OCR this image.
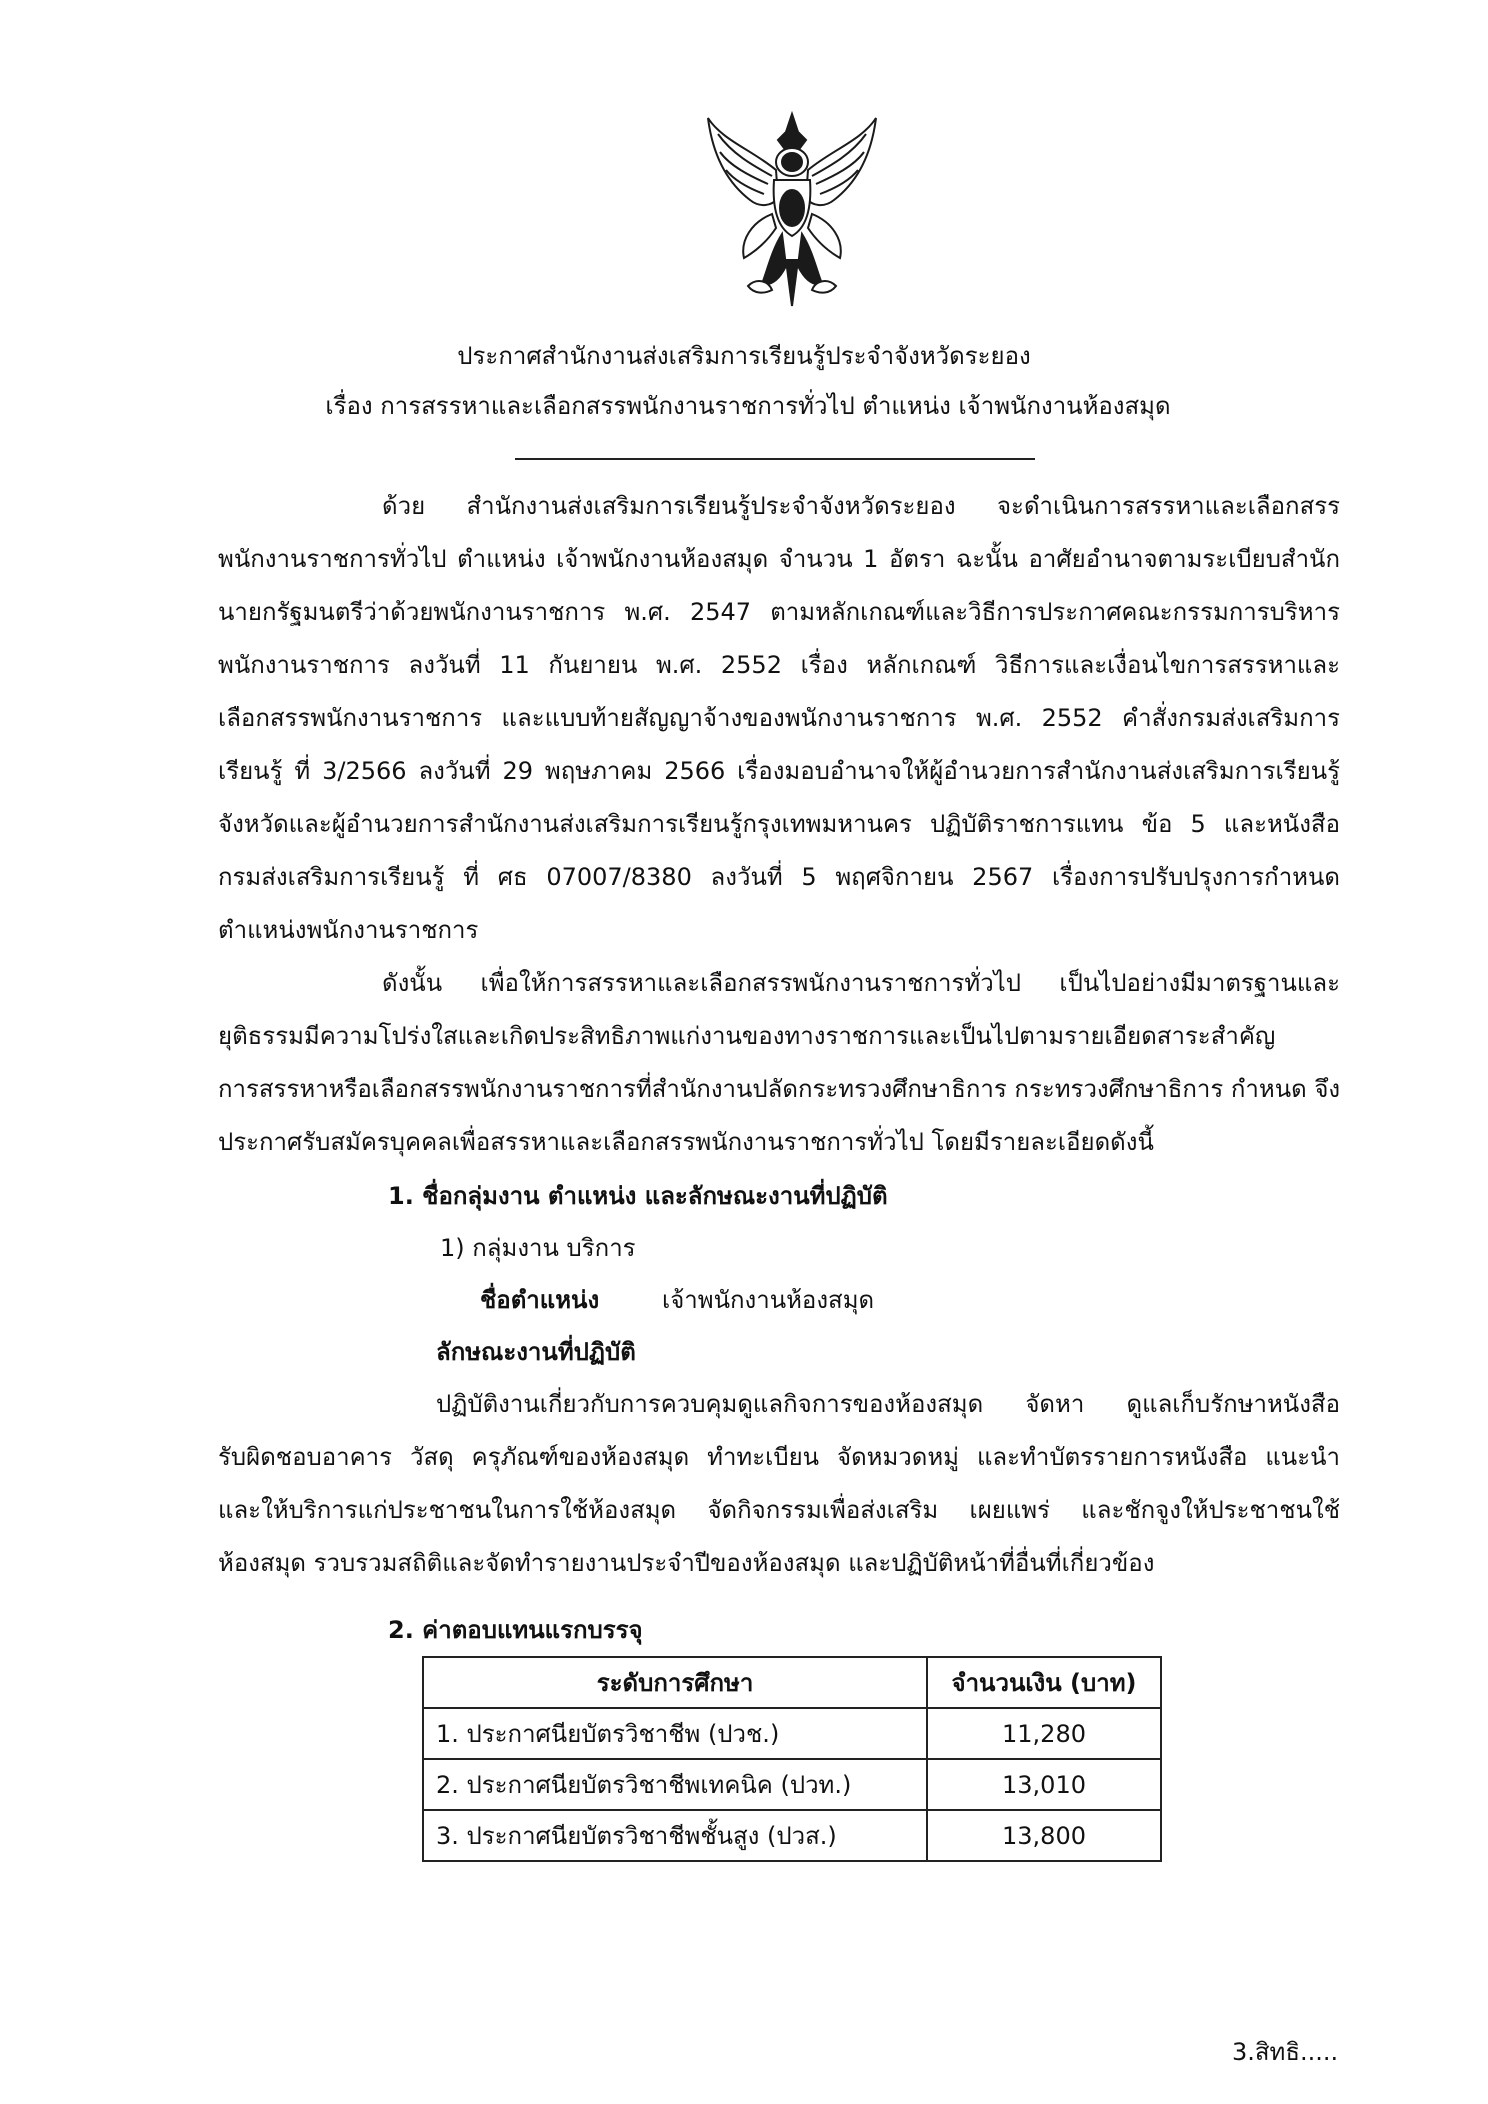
ประกาศสำนักงานส่งเสริมการเรียนรู้ประจำจังหวัดระยอง
เรื่อง การสรรหาและเลือกสรรพนักงานราชการทั่วไป ตำแหน่ง เจ้าพนักงานห้องสมุด
ด้วย สำนักงานส่งเสริมการเรียนรู้ประจำจังหวัดระยอง จะดำเนินการสรรหาและเลือกสรร
พนักงานราชการทั่วไป ตำแหน่ง เจ้าพนักงานห้องสมุด จำนวน 1 อัตรา ฉะนั้น อาศัยอำนาจตามระเบียบสำนัก
นายกรัฐมนตรีว่าด้วยพนักงานราชการ พ.ศ. 2547 ตามหลักเกณฑ์และวิธีการประกาศคณะกรรมการบริหาร
พนักงานราชการ ลงวันที่ 11 กันยายน พ.ศ. 2552 เรื่อง หลักเกณฑ์ วิธีการและเงื่อนไขการสรรหาและ
เลือกสรรพนักงานราชการ และแบบท้ายสัญญาจ้างของพนักงานราชการ พ.ศ. 2552 คำสั่งกรมส่งเสริมการ
เรียนรู้ ที่ 3/2566 ลงวันที่ 29 พฤษภาคม 2566 เรื่องมอบอำนาจให้ผู้อำนวยการสำนักงานส่งเสริมการเรียนรู้
จังหวัดและผู้อำนวยการสำนักงานส่งเสริมการเรียนรู้กรุงเทพมหานคร ปฏิบัติราชการแทน ข้อ 5 และหนังสือ
กรมส่งเสริมการเรียนรู้ ที่ ศธ 07007/8380 ลงวันที่ 5 พฤศจิกายน 2567 เรื่องการปรับปรุงการกำหนด
ตำแหน่งพนักงานราชการ
ดังนั้น เพื่อให้การสรรหาและเลือกสรรพนักงานราชการทั่วไป เป็นไปอย่างมีมาตรฐานและ
ยุติธรรมมีความโปร่งใสและเกิดประสิทธิภาพแก่งานของทางราชการและเป็นไปตามรายเอียดสาระสำคัญ
การสรรหาหรือเลือกสรรพนักงานราชการที่สำนักงานปลัดกระทรวงศึกษาธิการ กระทรวงศึกษาธิการ กำหนด จึง
ประกาศรับสมัครบุคคลเพื่อสรรหาและเลือกสรรพนักงานราชการทั่วไป โดยมีรายละเอียดดังนี้
1. ชื่อกลุ่มงาน ตำแหน่ง และลักษณะงานที่ปฏิบัติ
1) กลุ่มงาน บริการ
ชื่อตำแหน่ง	เจ้าพนักงานห้องสมุด
ลักษณะงานที่ปฏิบัติ
ปฏิบัติงานเกี่ยวกับการควบคุมดูแลกิจการของห้องสมุด จัดหา ดูแลเก็บรักษาหนังสือ
รับผิดชอบอาคาร วัสดุ ครุภัณฑ์ของห้องสมุด ทำทะเบียน จัดหมวดหมู่ และทำบัตรรายการหนังสือ แนะนำ
และให้บริการแก่ประชาชนในการใช้ห้องสมุด จัดกิจกรรมเพื่อส่งเสริม เผยแพร่ และชักจูงให้ประชาชนใช้
ห้องสมุด รวบรวมสถิติและจัดทำรายงานประจำปีของห้องสมุด และปฏิบัติหน้าที่อื่นที่เกี่ยวข้อง
2. ค่าตอบแทนแรกบรรจุ
ระดับการศึกษา	จำนวนเงิน (บาท)
1. ประกาศนียบัตรวิชาชีพ (ปวช.)	11,280
2. ประกาศนียบัตรวิชาชีพเทคนิค (ปวท.)	13,010
3. ประกาศนียบัตรวิชาชีพชั้นสูง (ปวส.)	13,800
3.สิทธิ.....
